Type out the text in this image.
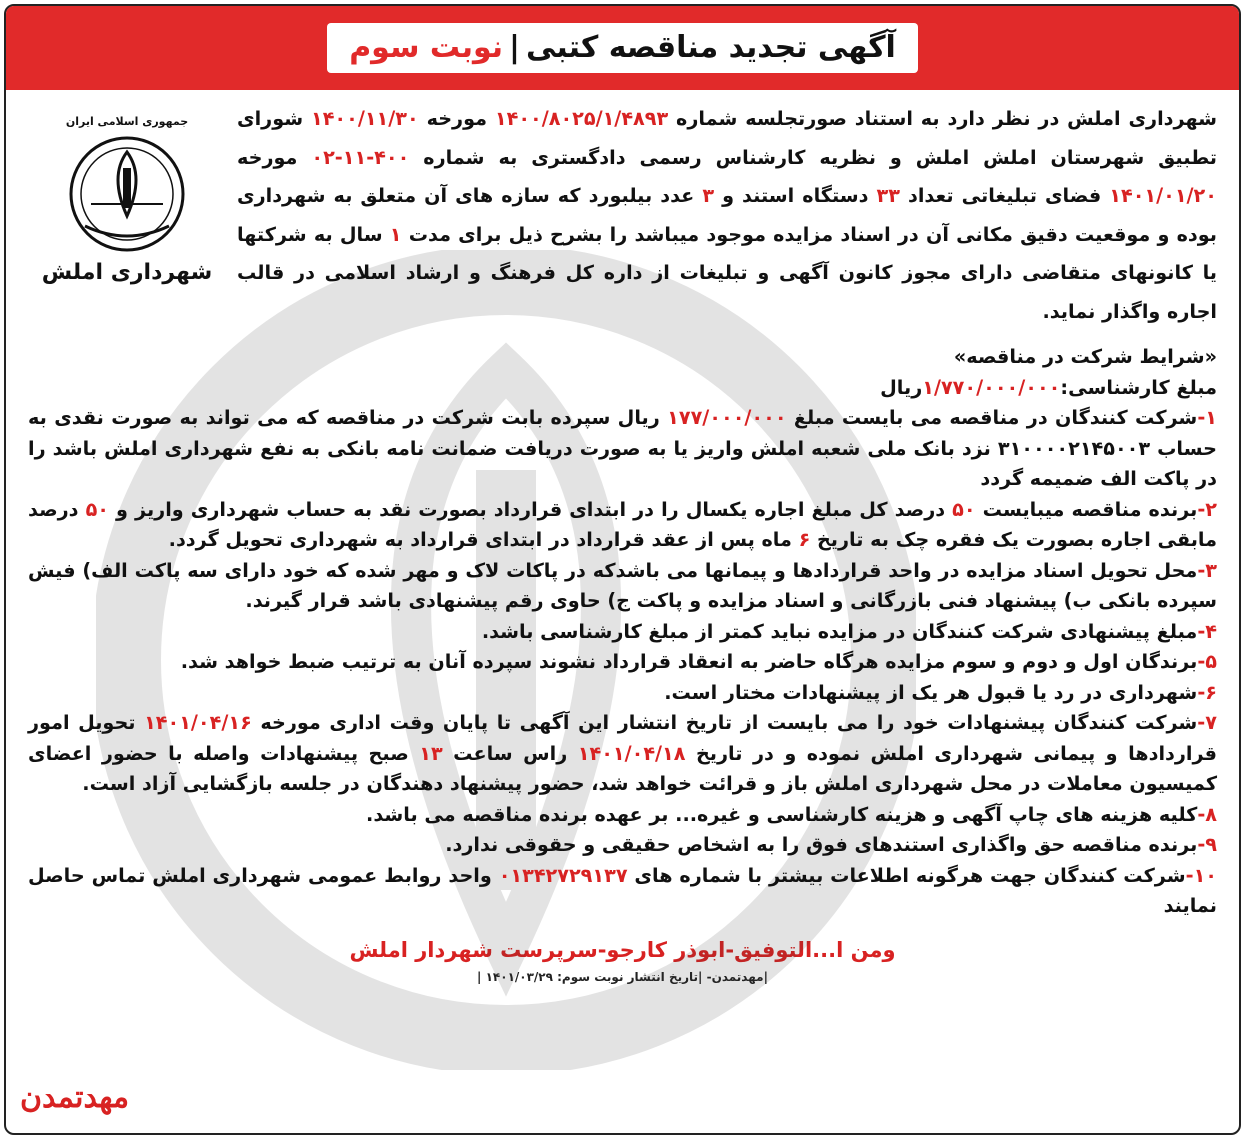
آگهی تجدید مناقصه کتبی|نوبت سوم
شهرداری املش در نظر دارد به استناد صورتجلسه شماره ۱۴۰۰/۸۰۲۵/۱/۴۸۹۳ مورخه ۱۴۰۰/۱۱/۳۰ شورای تطبیق شهرستان املش املش و نظریه کارشناس رسمی دادگستری به شماره ۴۰۰-۱۱-۰۲ مورخه ۱۴۰۱/۰۱/۲۰ فضای تبلیغاتی تعداد ۳۳ دستگاه استند و ۳ عدد بیلبورد که سازه های آن متعلق به شهرداری بوده و موقعیت دقیق مکانی آن در اسناد مزایده موجود میباشد را بشرح ذیل برای مدت ۱ سال به شرکتها یا کانونهای متقاضی دارای مجوز کانون آگهی و تبلیغات از داره کل فرهنگ و ارشاد اسلامی در قالب اجاره واگذار نماید.
جمهوری اسلامی ایران
شهرداری املش
«شرایط شرکت در مناقصه»
مبلغ کارشناسی:۱/۷۷۰/۰۰۰/۰۰۰ریال
۱-شرکت کنندگان در مناقصه می بایست مبلغ ۱۷۷/۰۰۰/۰۰۰ ریال سپرده بابت شرکت در مناقصه که می تواند به صورت نقدی به حساب ۳۱۰۰۰۰۲۱۴۵۰۰۳ نزد بانک ملی شعبه املش واریز یا به صورت دریافت ضمانت نامه بانکی به نفع شهرداری املش باشد را در پاکت الف ضمیمه گردد
۲-برنده مناقصه میبایست ۵۰ درصد کل مبلغ اجاره یکسال را در ابتدای قرارداد بصورت نقد به حساب شهرداری واریز و ۵۰ درصد مابقی اجاره بصورت یک فقره چک به تاریخ ۶ ماه پس از عقد قرارداد در ابتدای قرارداد به شهرداری تحویل گردد.
۳-محل تحویل اسناد مزایده در واحد قراردادها و پیمانها می باشدکه در پاکات لاک و مهر شده که خود دارای سه پاکت الف) فیش سپرده بانکی ب) پیشنهاد فنی بازرگانی و اسناد مزایده و پاکت ج) حاوی رقم پیشنهادی باشد قرار گیرند.
۴-مبلغ پیشنهادی شرکت کنندگان در مزایده نباید کمتر از مبلغ کارشناسی باشد.
۵-برندگان اول و دوم و سوم مزایده هرگاه حاضر به انعقاد قرارداد نشوند سپرده آنان به ترتیب ضبط خواهد شد.
۶-شهرداری در رد یا قبول هر یک از پیشنهادات مختار است.
۷-شرکت کنندگان پیشنهادات خود را می بایست از تاریخ انتشار این آگهی تا پایان وقت اداری مورخه ۱۴۰۱/۰۴/۱۶ تحویل امور قراردادها و پیمانی شهرداری املش نموده و در تاریخ ۱۴۰۱/۰۴/۱۸ راس ساعت ۱۳ صبح پیشنهادات واصله با حضور اعضای کمیسیون معاملات در محل شهرداری املش باز و قرائت خواهد شد، حضور پیشنهاد دهندگان در جلسه بازگشایی آزاد است.
۸-کلیه هزینه های چاپ آگهی و هزینه کارشناسی و غیره... بر عهده برنده مناقصه می باشد.
۹-برنده مناقصه حق واگذاری استندهای فوق را به اشخاص حقیقی و حقوقی ندارد.
۱۰-شرکت کنندگان جهت هرگونه اطلاعات بیشتر با شماره های ۰۱۳۴۲۷۲۹۱۳۷ واحد روابط عمومی شهرداری املش تماس حاصل نمایند
ومن ا...التوفیق-ابوذر کارجو-سرپرست شهردار املش
|مهدتمدن- |تاریخ انتشار نوبت سوم: ۱۴۰۱/۰۳/۲۹ |
مهدتمدن
